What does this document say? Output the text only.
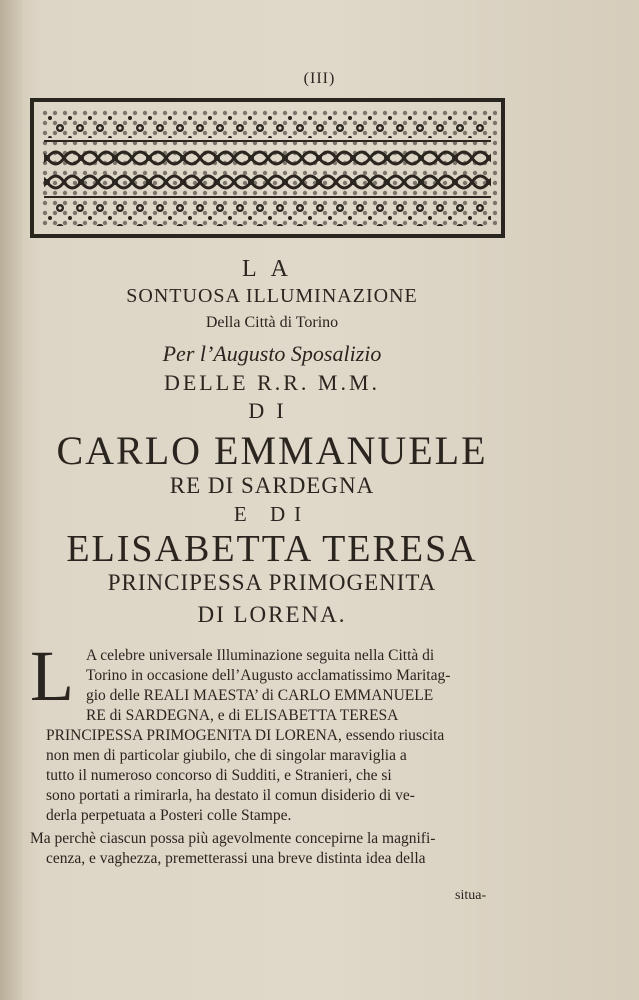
(III)
LA
SONTUOSA ILLUMINAZIONE
Della Città di Torino
Per l’Augusto Sposalizio
DELLE R.R. M.M.
DI
CARLO EMMANUELE
RE DI SARDEGNA
E DI
ELISABETTA TERESA
PRINCIPESSA PRIMOGENITA
DI LORENA.
L A celebre universale Illuminazione seguita nella Città di
Torino in occasione dell’Augusto acclamatissimo Maritag-
gio delle REALI MAESTA’ di CARLO EMMANUELE
RE di SARDEGNA, e di ELISABETTA TERESA
PRINCIPESSA PRIMOGENITA DI LORENA, essendo riuscita
non men di particolar giubilo, che di singolar maraviglia a
tutto il numeroso concorso di Sudditi, e Stranieri, che si
sono portati a rimirarla, ha destato il comun disiderio di ve-
derla perpetuata a Posteri colle Stampe.
Ma perchè ciascun possa più agevolmente concepirne la magnifi-
cenza, e vaghezza, premetterassi una breve distinta idea della
situa-
